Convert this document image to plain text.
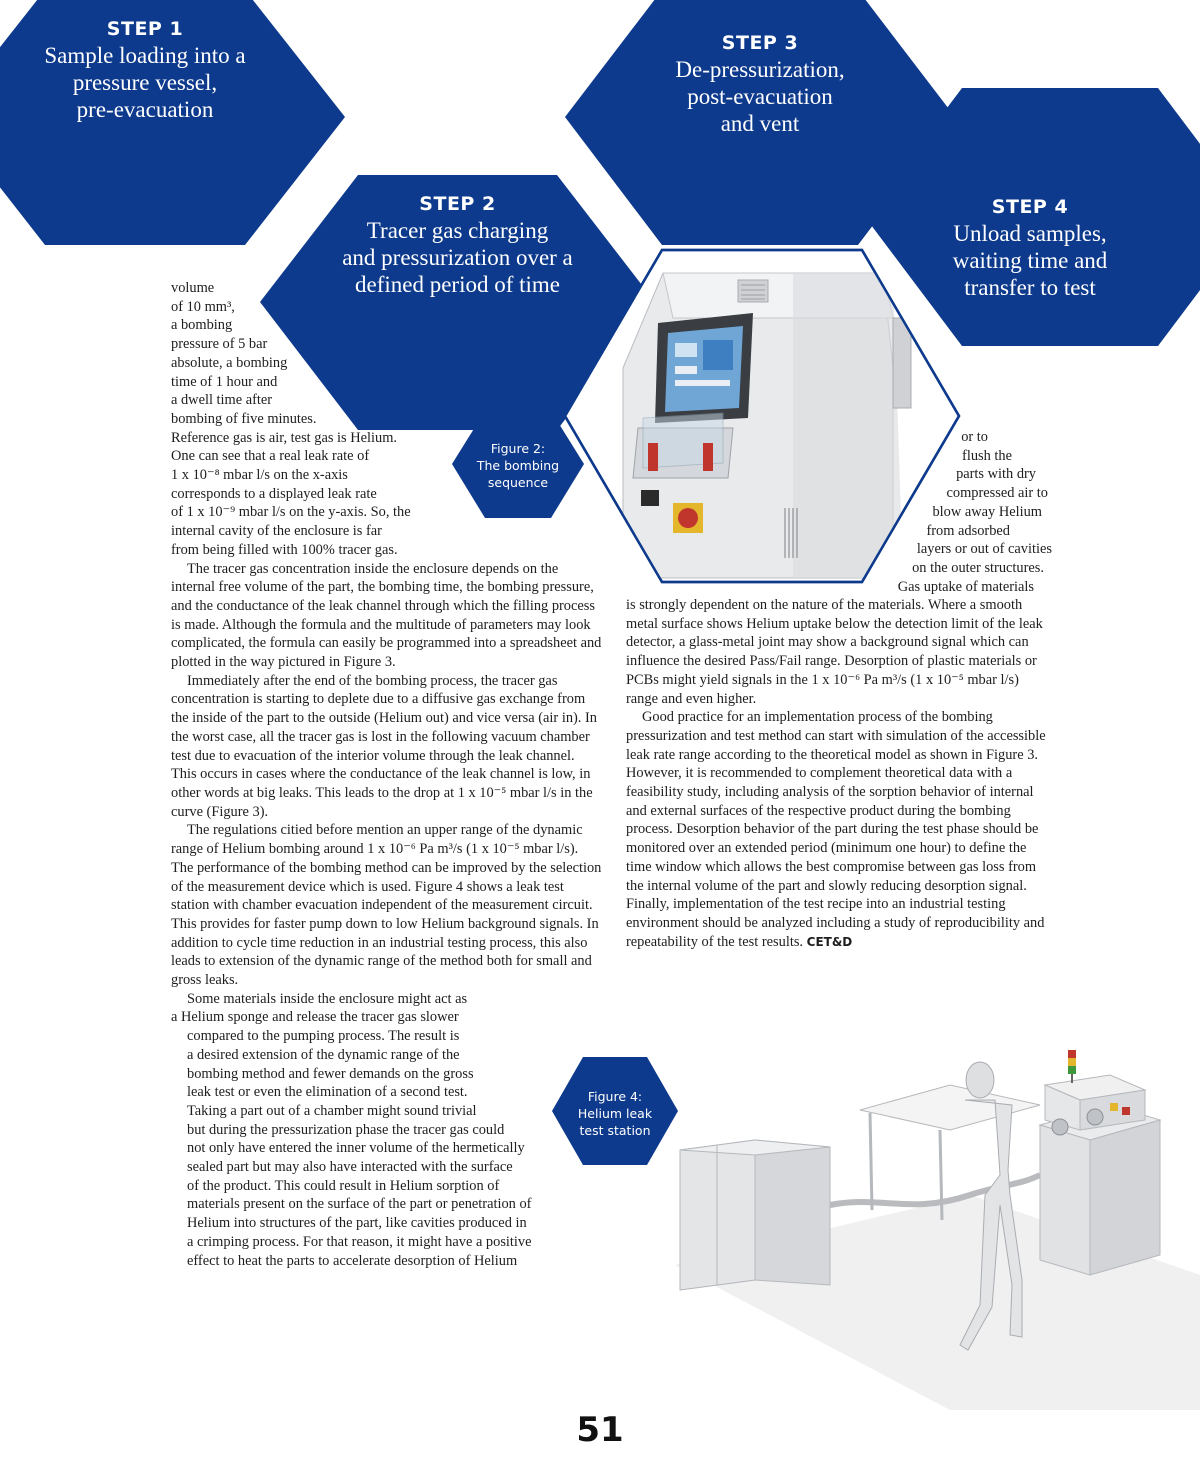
STEP 1
Sample loading into a
pressure vessel,
pre-evacuation
STEP 2
Tracer gas charging
and pressurization over a
defined period of time
STEP 3
De-pressurization,
post-evacuation
and vent
STEP 4
Unload samples,
waiting time and
transfer to test
Figure 2:
The bombing
sequence
Figure 4:
Helium leak
test station

volume
of 10 mm³,
a bombing
pressure of 5 bar
absolute, a bombing
time of 1 hour and
a dwell time after
bombing of five minutes.
Reference gas is air, test gas is Helium.
One can see that a real leak rate of
1 x 10⁻⁸ mbar l/s on the x-axis
corresponds to a displayed leak rate
of 1 x 10⁻⁹ mbar l/s on the y-axis. So, the
internal cavity of the enclosure is far
from being filled with 100% tracer gas.

The tracer gas concentration inside the enclosure depends on the internal free volume of the part, the bombing time, the bombing pressure, and the conductance of the leak channel through which the filling process is made. Although the formula and the multitude of parameters may look complicated, the formula can easily be programmed into a spreadsheet and plotted in the way pictured in Figure 3.

Immediately after the end of the bombing process, the tracer gas concentration is starting to deplete due to a diffusive gas exchange from the inside of the part to the outside (Helium out) and vice versa (air in). In the worst case, all the tracer gas is lost in the following vacuum chamber test due to evacuation of the interior volume through the leak channel. This occurs in cases where the conductance of the leak channel is low, in other words at big leaks. This leads to the drop at 1 x 10⁻⁵ mbar l/s in the curve (Figure 3).

The regulations citied before mention an upper range of the dynamic range of Helium bombing around 1 x 10⁻⁶ Pa m³/s (1 x 10⁻⁵ mbar l/s). The performance of the bombing method can be improved by the selection of the measurement device which is used. Figure 4 shows a leak test station with chamber evacuation independent of the measurement circuit. This provides for faster pump down to low Helium background signals. In addition to cycle time reduction in an industrial testing process, this also leads to extension of the dynamic range of the method both for small and gross leaks.

Some materials inside the enclosure might act as
a Helium sponge and release the tracer gas slower
compared to the pumping process. The result is
a desired extension of the dynamic range of the
bombing method and fewer demands on the gross
leak test or even the elimination of a second test.

Taking a part out of a chamber might sound trivial
but during the pressurization phase the tracer gas could
not only have entered the inner volume of the hermetically
sealed part but may also have interacted with the surface
of the product. This could result in Helium sorption of
materials present on the surface of the part or penetration of
Helium into structures of the part, like cavities produced in
a crimping process. For that reason, it might have a positive
effect to heat the parts to accelerate desorption of Helium

or to
flush the
parts with dry
compressed air to
blow away Helium
from adsorbed
layers or out of cavities
on the outer structures.
Gas uptake of materials

is strongly dependent on the nature of the materials. Where a smooth metal surface shows Helium uptake below the detection limit of the leak detector, a glass-metal joint may show a background signal which can influence the desired Pass/Fail range. Desorption of plastic materials or PCBs might yield signals in the 1 x 10⁻⁶ Pa m³/s (1 x 10⁻⁵ mbar l/s) range and even higher.

Good practice for an implementation process of the bombing pressurization and test method can start with simulation of the accessible leak rate range according to the theoretical model as shown in Figure 3. However, it is recommended to complement theoretical data with a feasibility study, including analysis of the sorption behavior of internal and external surfaces of the respective product during the bombing process. Desorption behavior of the part during the test phase should be monitored over an extended period (minimum one hour) to define the time window which allows the best compromise between gas loss from the internal volume of the part and slowly reducing desorption signal. Finally, implementation of the test recipe into an industrial testing environment should be analyzed including a study of reproducibility and repeatability of the test results. CET&D

51
